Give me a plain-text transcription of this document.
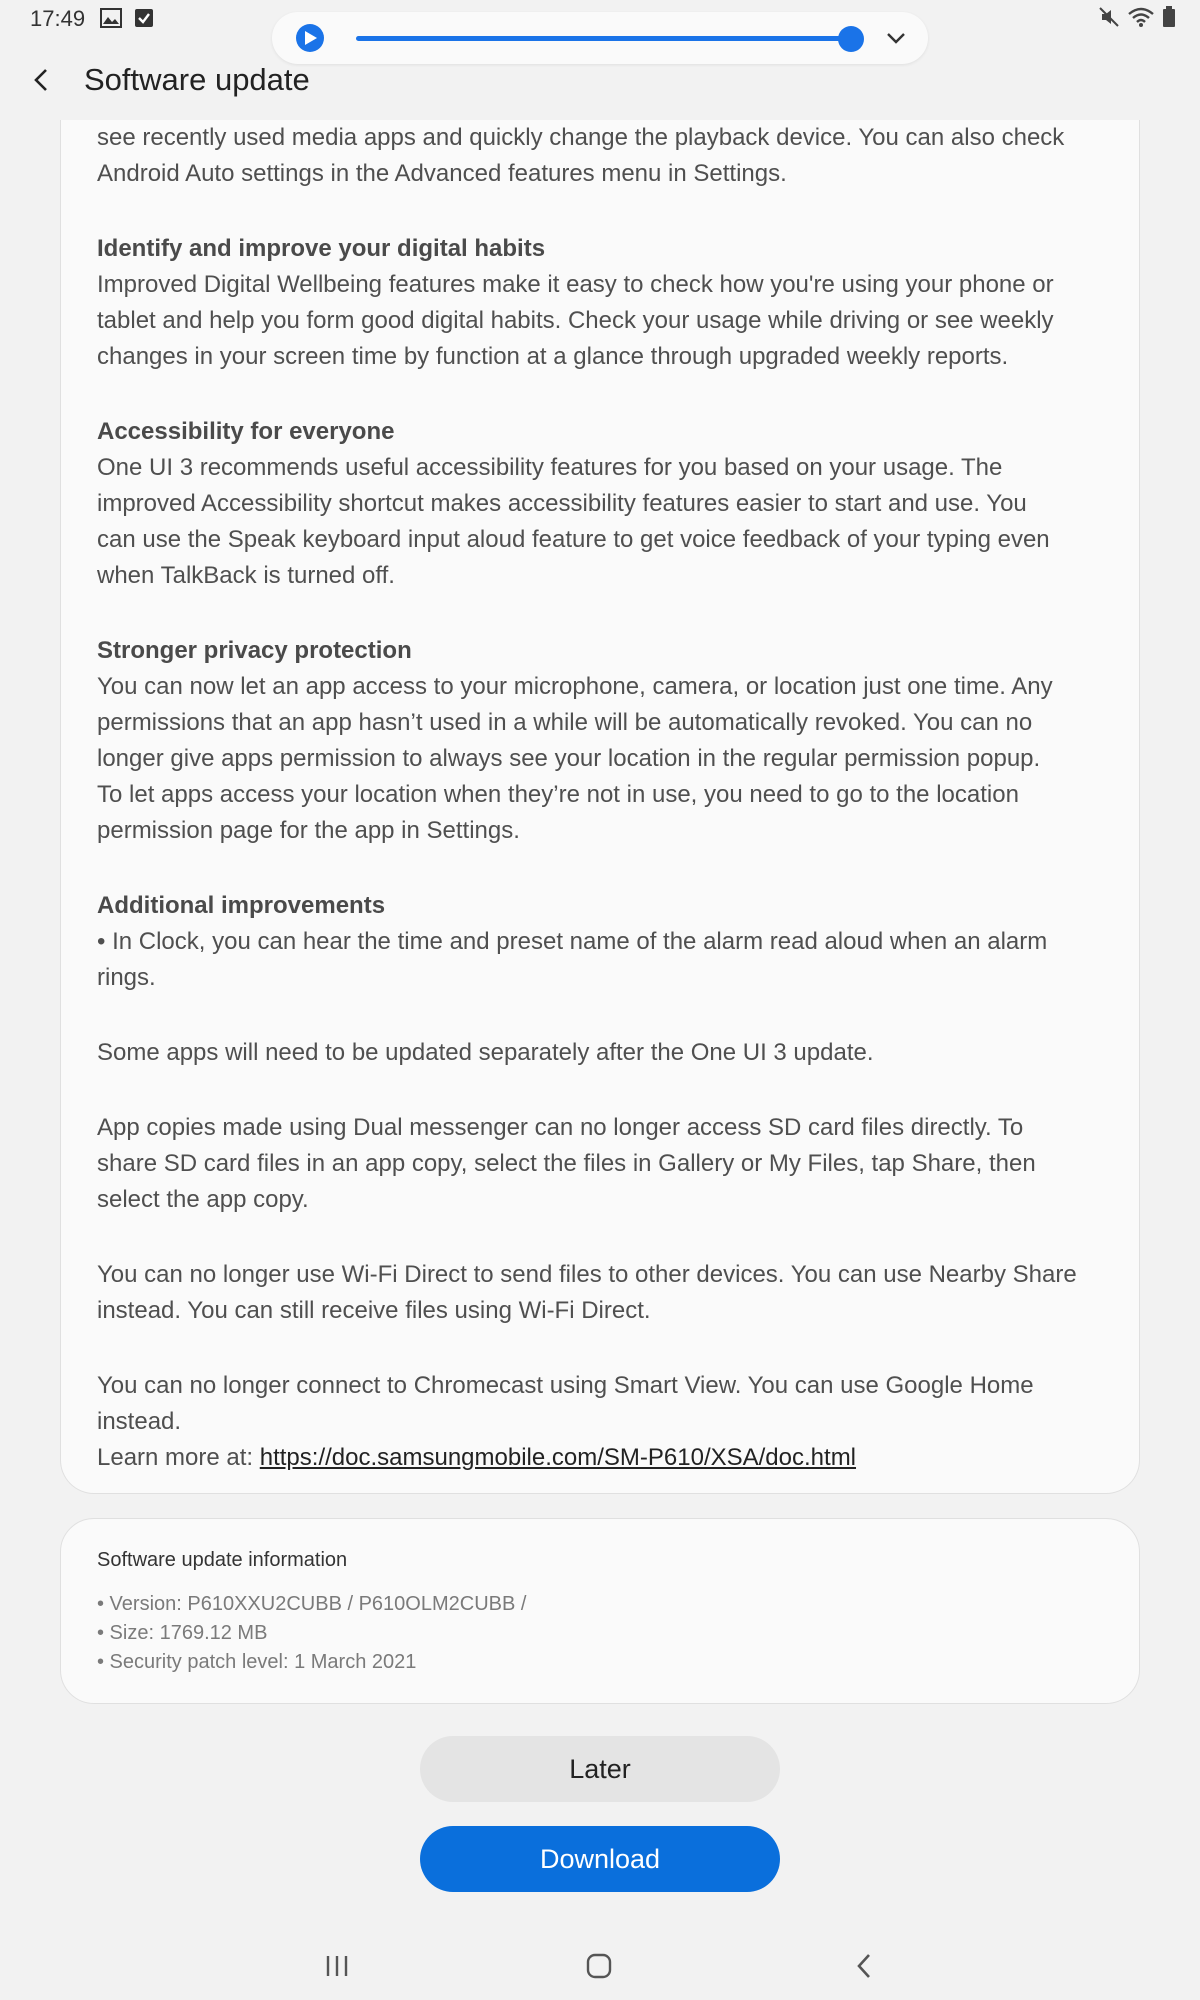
17:49
Software update

see recently used media apps and quickly change the playback device. You can also check
Android Auto settings in the Advanced features menu in Settings.

Identify and improve your digital habits

Improved Digital Wellbeing features make it easy to check how you're using your phone or
tablet and help you form good digital habits. Check your usage while driving or see weekly
changes in your screen time by function at a glance through upgraded weekly reports.

Accessibility for everyone

One UI 3 recommends useful accessibility features for you based on your usage. The
improved Accessibility shortcut makes accessibility features easier to start and use. You
can use the Speak keyboard input aloud feature to get voice feedback of your typing even
when TalkBack is turned off.

Stronger privacy protection

You can now let an app access to your microphone, camera, or location just one time. Any
permissions that an app hasn’t used in a while will be automatically revoked. You can no
longer give apps permission to always see your location in the regular permission popup.
To let apps access your location when they’re not in use, you need to go to the location
permission page for the app in Settings.

Additional improvements

• In Clock, you can hear the time and preset name of the alarm read aloud when an alarm
rings.

Some apps will need to be updated separately after the One UI 3 update.

App copies made using Dual messenger can no longer access SD card files directly. To
share SD card files in an app copy, select the files in Gallery or My Files, tap Share, then
select the app copy.

You can no longer use Wi-Fi Direct to send files to other devices. You can use Nearby Share
instead. You can still receive files using Wi-Fi Direct.

You can no longer connect to Chromecast using Smart View. You can use Google Home
instead.
Learn more at: https://doc.samsungmobile.com/SM-P610/XSA/doc.html

Software update information
• Version: P610XXU2CUBB / P610OLM2CUBB /
• Size: 1769.12 MB
• Security patch level: 1 March 2021
Later
Download
